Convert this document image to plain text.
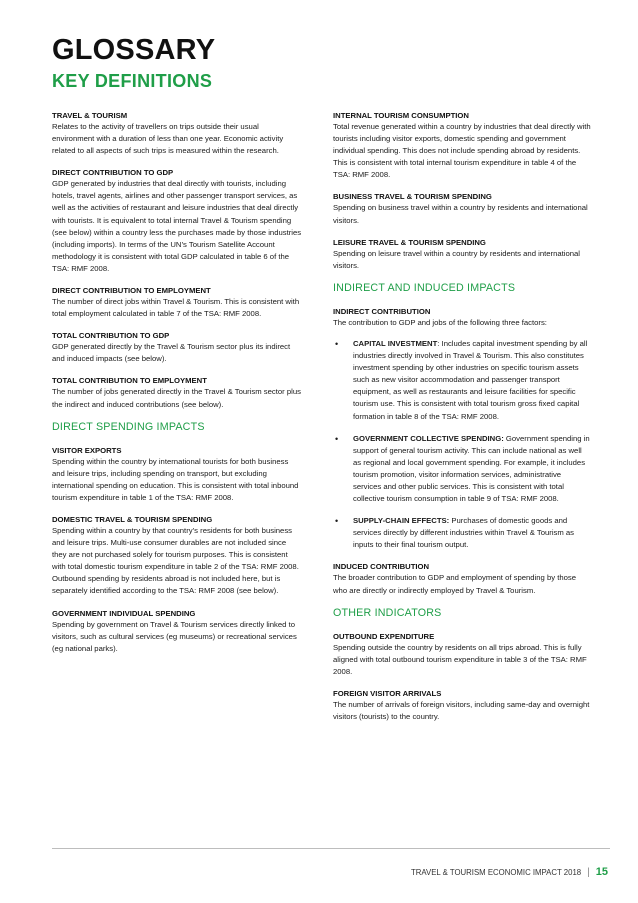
GLOSSARY
KEY DEFINITIONS

TRAVEL & TOURISM

Relates to the activity of travellers on trips outside their usual environment with a duration of less than one year. Economic activity related to all aspects of such trips is measured within the research.

DIRECT CONTRIBUTION TO GDP

GDP generated by industries that deal directly with tourists, including hotels, travel agents, airlines and other passenger transport services, as well as the activities of restaurant and leisure industries that deal directly with tourists. It is equivalent to total internal Travel & Tourism spending (see below) within a country less the purchases made by those industries (including imports). In terms of the UN’s Tourism Satellite Account methodology it is consistent with total GDP calculated in table 6 of the TSA: RMF 2008.

DIRECT CONTRIBUTION TO EMPLOYMENT

The number of direct jobs within Travel & Tourism. This is consistent with total employment calculated in table 7 of the TSA: RMF 2008.

TOTAL CONTRIBUTION TO GDP

GDP generated directly by the Travel & Tourism sector plus its indirect and induced impacts (see below).

TOTAL CONTRIBUTION TO EMPLOYMENT

The number of jobs generated directly in the Travel & Tourism sector plus the indirect and induced contributions (see below).

DIRECT SPENDING IMPACTS

VISITOR EXPORTS

Spending within the country by international tourists for both business and leisure trips, including spending on transport, but excluding international spending on education. This is consistent with total inbound tourism expenditure in table 1 of the TSA: RMF 2008.

DOMESTIC TRAVEL & TOURISM SPENDING

Spending within a country by that country’s residents for both business and leisure trips. Multi-use consumer durables are not included since they are not purchased solely for tourism purposes. This is consistent with total domestic tourism expenditure in table 2 of the TSA: RMF 2008. Outbound spending by residents abroad is not included here, but is separately identified according to the TSA: RMF 2008 (see below).

GOVERNMENT INDIVIDUAL SPENDING

Spending by government on Travel & Tourism services directly linked to visitors, such as cultural services (eg museums) or recreational services (eg national parks).

INTERNAL TOURISM CONSUMPTION

Total revenue generated within a country by industries that deal directly with tourists including visitor exports, domestic spending and government individual spending. This does not include spending abroad by residents. This is consistent with total internal tourism expenditure in table 4 of the TSA: RMF 2008.

BUSINESS TRAVEL & TOURISM SPENDING

Spending on business travel within a country by residents and international visitors.

LEISURE TRAVEL & TOURISM SPENDING

Spending on leisure travel within a country by residents and international visitors.

INDIRECT AND INDUCED IMPACTS

INDIRECT CONTRIBUTION

The contribution to GDP and jobs of the following three factors:

• CAPITAL INVESTMENT: Includes capital investment spending by all industries directly involved in Travel & Tourism. This also constitutes investment spending by other industries on specific tourism assets such as new visitor accommodation and passenger transport equipment, as well as restaurants and leisure facilities for specific tourism use. This is consistent with total tourism gross fixed capital formation in table 8 of the TSA: RMF 2008.
• GOVERNMENT COLLECTIVE SPENDING: Government spending in support of general tourism activity. This can include national as well as regional and local government spending. For example, it includes tourism promotion, visitor information services, administrative services and other public services. This is consistent with total collective tourism consumption in table 9 of TSA: RMF 2008.
• SUPPLY-CHAIN EFFECTS: Purchases of domestic goods and services directly by different industries within Travel & Tourism as inputs to their final tourism output.

INDUCED CONTRIBUTION

The broader contribution to GDP and employment of spending by those who are directly or indirectly employed by Travel & Tourism.

OTHER INDICATORS

OUTBOUND EXPENDITURE

Spending outside the country by residents on all trips abroad. This is fully aligned with total outbound tourism expenditure in table 3 of the TSA: RMF 2008.

FOREIGN VISITOR ARRIVALS

The number of arrivals of foreign visitors, including same-day and overnight visitors (tourists) to the country.

TRAVEL & TOURISM ECONOMIC IMPACT 2018 | 15
